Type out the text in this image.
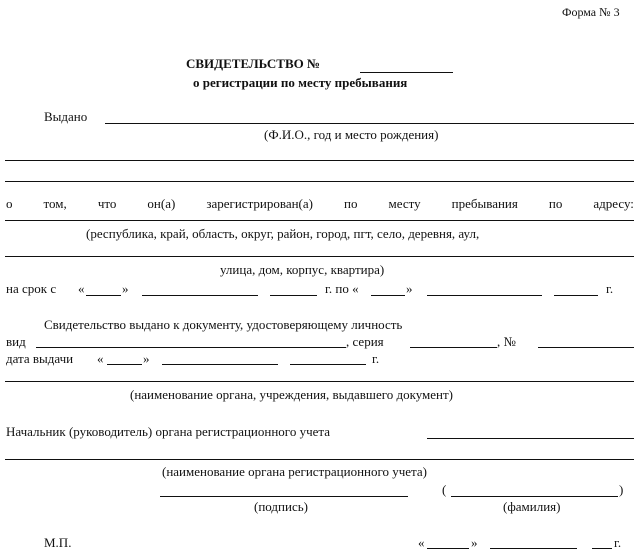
Форма № 3
СВИДЕТЕЛЬСТВО №
о регистрации по месту пребывания
Выдано
(Ф.И.О., год и место рождения)
о том, что он(а) зарегистрирован(а) по месту пребывания по адресу:
(республика, край, область, округ, район, город, пгт, село, деревня, аул,
улица, дом, корпус, квартира)
на срок с «	»	г. по «	»	г.
Свидетельство выдано к документу, удостоверяющему личность
вид	, серия	, №
дата выдачи «	»	г.
(наименование органа, учреждения, выдавшего документ)
Начальник (руководитель) органа регистрационного учета
(наименование органа регистрационного учета)
(	)
(подпись)	(фамилия)
М.П.	«	»	г.
